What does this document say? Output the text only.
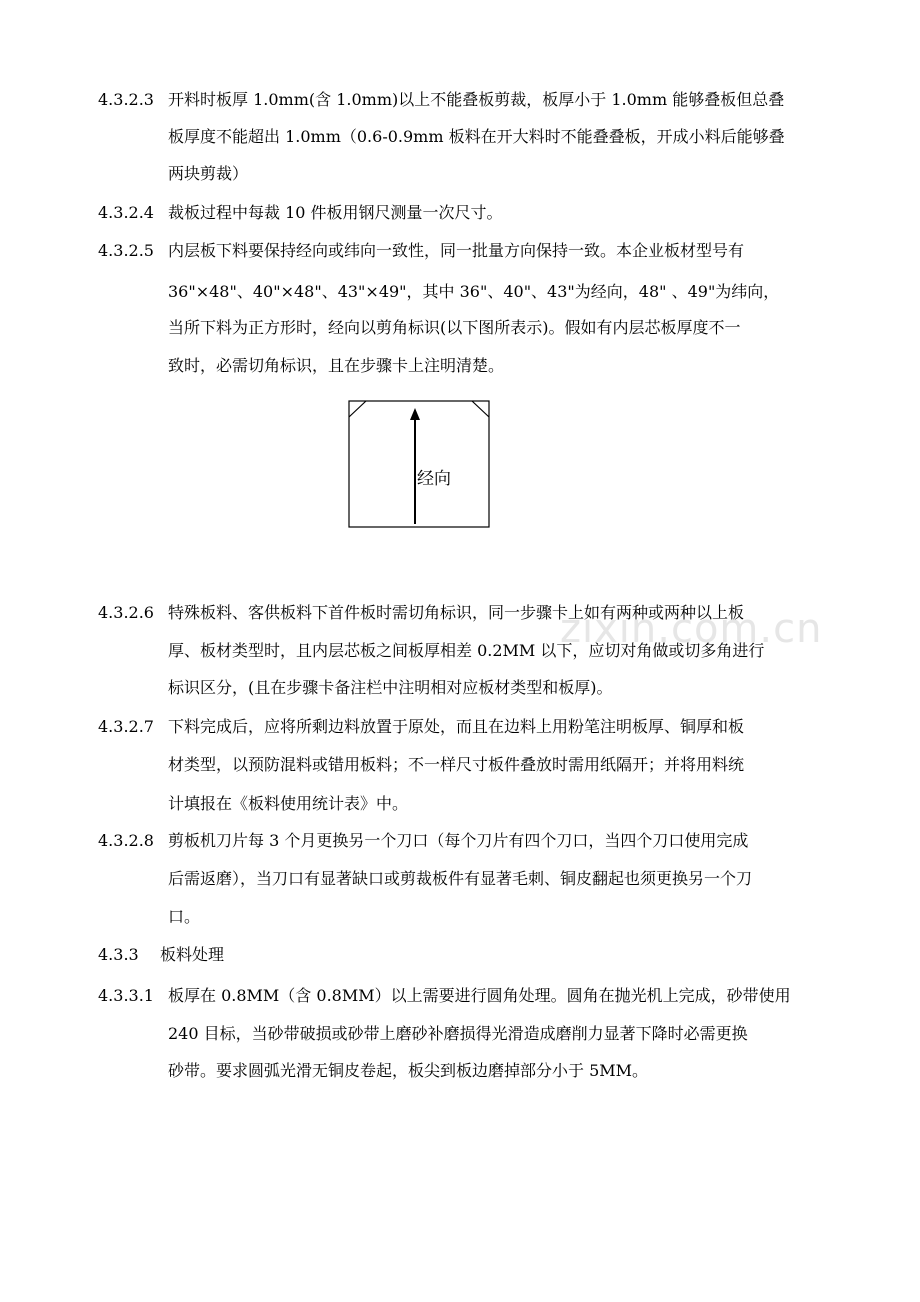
zixin.com.cn
4.3.2.3 开料时板厚 1.0mm(含 1.0mm)以上不能叠板剪裁，板厚小于 1.0mm 能够叠板但总叠
板厚度不能超出 1.0mm（0.6-0.9mm 板料在开大料时不能叠叠板，开成小料后能够叠
两块剪裁）
4.3.2.4 裁板过程中每裁 10 件板用钢尺测量一次尺寸。
4.3.2.5 内层板下料要保持经向或纬向一致性，同一批量方向保持一致。本企业板材型号有
36"×48"、40"×48"、43"×49"，其中 36"、40"、43"为经向，48" 、49"为纬向，
当所下料为正方形时，经向以剪角标识(以下图所表示)。假如有内层芯板厚度不一
致时，必需切角标识，且在步骤卡上注明清楚。
经向
4.3.2.6 特殊板料、客供板料下首件板时需切角标识，同一步骤卡上如有两种或两种以上板
厚、板材类型时，且内层芯板之间板厚相差 0.2MM 以下，应切对角做或切多角进行
标识区分，(且在步骤卡备注栏中注明相对应板材类型和板厚)。
4.3.2.7 下料完成后，应将所剩边料放置于原处，而且在边料上用粉笔注明板厚、铜厚和板
材类型，以预防混料或错用板料；不一样尺寸板件叠放时需用纸隔开；并将用料统
计填报在《板料使用统计表》中。
4.3.2.8 剪板机刀片每 3 个月更换另一个刀口（每个刀片有四个刀口，当四个刀口使用完成
后需返磨），当刀口有显著缺口或剪裁板件有显著毛刺、铜皮翻起也须更换另一个刀
口。
4.3.3 板料处理
4.3.3.1 板厚在 0.8MM（含 0.8MM）以上需要进行圆角处理。圆角在抛光机上完成，砂带使用
240 目标，当砂带破损或砂带上磨砂补磨损得光滑造成磨削力显著下降时必需更换
砂带。要求圆弧光滑无铜皮卷起，板尖到板边磨掉部分小于 5MM。
